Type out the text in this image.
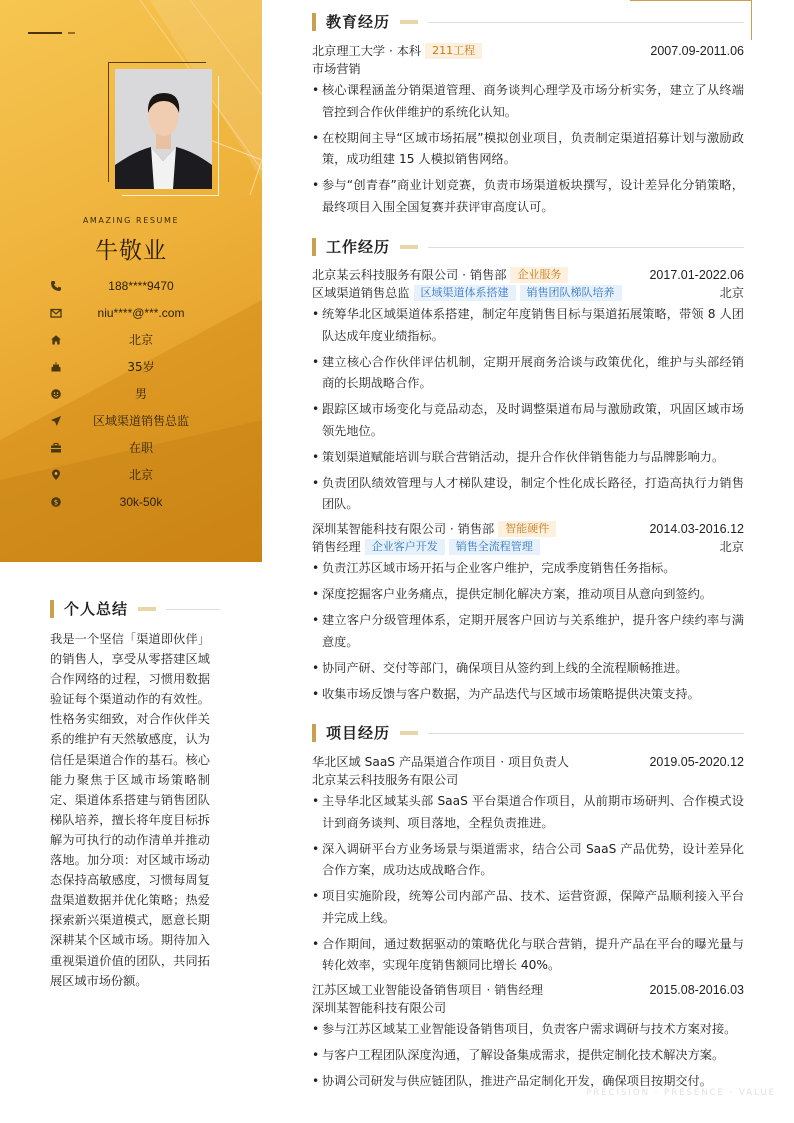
AMAZING RESUME
牛敬业
188****9470
niu****@***.com
北京
35岁
男
区域渠道销售总监
在职
北京
$	30k-50k
个人总结

我是一个坚信「渠道即伙伴」的销售人，享受从零搭建区域合作网络的过程，习惯用数据验证每个渠道动作的有效性。性格务实细致，对合作伙伴关系的维护有天然敏感度，认为信任是渠道合作的基石。核心能力聚焦于区域市场策略制定、渠道体系搭建与销售团队梯队培养，擅长将年度目标拆解为可执行的动作清单并推动落地。加分项：对区域市场动态保持高敏感度，习惯每周复盘渠道数据并优化策略；热爱探索新兴渠道模式，愿意长期深耕某个区域市场。期待加入重视渠道价值的团队，共同拓展区域市场份额。

教育经历
北京理工大学 · 本科 211工程	2007.09-2011.06
市场营销
• 核心课程涵盖分销渠道管理、商务谈判心理学及市场分析实务，建立了从终端管控到合作伙伴维护的系统化认知。
• 在校期间主导“区域市场拓展”模拟创业项目，负责制定渠道招募计划与激励政策，成功组建 15 人模拟销售网络。
• 参与“创青春”商业计划竞赛，负责市场渠道板块撰写，设计差异化分销策略，最终项目入围全国复赛并获评审高度认可。
工作经历
北京某云科技服务有限公司 · 销售部 企业服务	2017.01-2022.06
区域渠道销售总监 区域渠道体系搭建 销售团队梯队培养	北京
• 统筹华北区域渠道体系搭建，制定年度销售目标与渠道拓展策略，带领 8 人团队达成年度业绩指标。
• 建立核心合作伙伴评估机制，定期开展商务洽谈与政策优化，维护与头部经销商的长期战略合作。
• 跟踪区域市场变化与竞品动态，及时调整渠道布局与激励政策，巩固区域市场领先地位。
• 策划渠道赋能培训与联合营销活动，提升合作伙伴销售能力与品牌影响力。
• 负责团队绩效管理与人才梯队建设，制定个性化成长路径，打造高执行力销售团队。
深圳某智能科技有限公司 · 销售部 智能硬件	2014.03-2016.12
销售经理 企业客户开发 销售全流程管理	北京
• 负责江苏区域市场开拓与企业客户维护，完成季度销售任务指标。
• 深度挖掘客户业务痛点，提供定制化解决方案，推动项目从意向到签约。
• 建立客户分级管理体系，定期开展客户回访与关系维护，提升客户续约率与满意度。
• 协同产研、交付等部门，确保项目从签约到上线的全流程顺畅推进。
• 收集市场反馈与客户数据，为产品迭代与区域市场策略提供决策支持。
项目经历
华北区域 SaaS 产品渠道合作项目 · 项目负责人	2019.05-2020.12
北京某云科技服务有限公司
• 主导华北区域某头部 SaaS 平台渠道合作项目，从前期市场研判、合作模式设计到商务谈判、项目落地，全程负责推进。
• 深入调研平台方业务场景与渠道需求，结合公司 SaaS 产品优势，设计差异化合作方案，成功达成战略合作。
• 项目实施阶段，统筹公司内部产品、技术、运营资源，保障产品顺利接入平台并完成上线。
• 合作期间，通过数据驱动的策略优化与联合营销，提升产品在平台的曝光量与转化效率，实现年度销售额同比增长 40%。
江苏区域工业智能设备销售项目 · 销售经理	2015.08-2016.03
深圳某智能科技有限公司
• 参与江苏区域某工业智能设备销售项目，负责客户需求调研与技术方案对接。
• 与客户工程团队深度沟通，了解设备集成需求，提供定制化技术解决方案。
• 协调公司研发与供应链团队，推进产品定制化开发，确保项目按期交付。
PRECISION · PRESENCE · VALUE
